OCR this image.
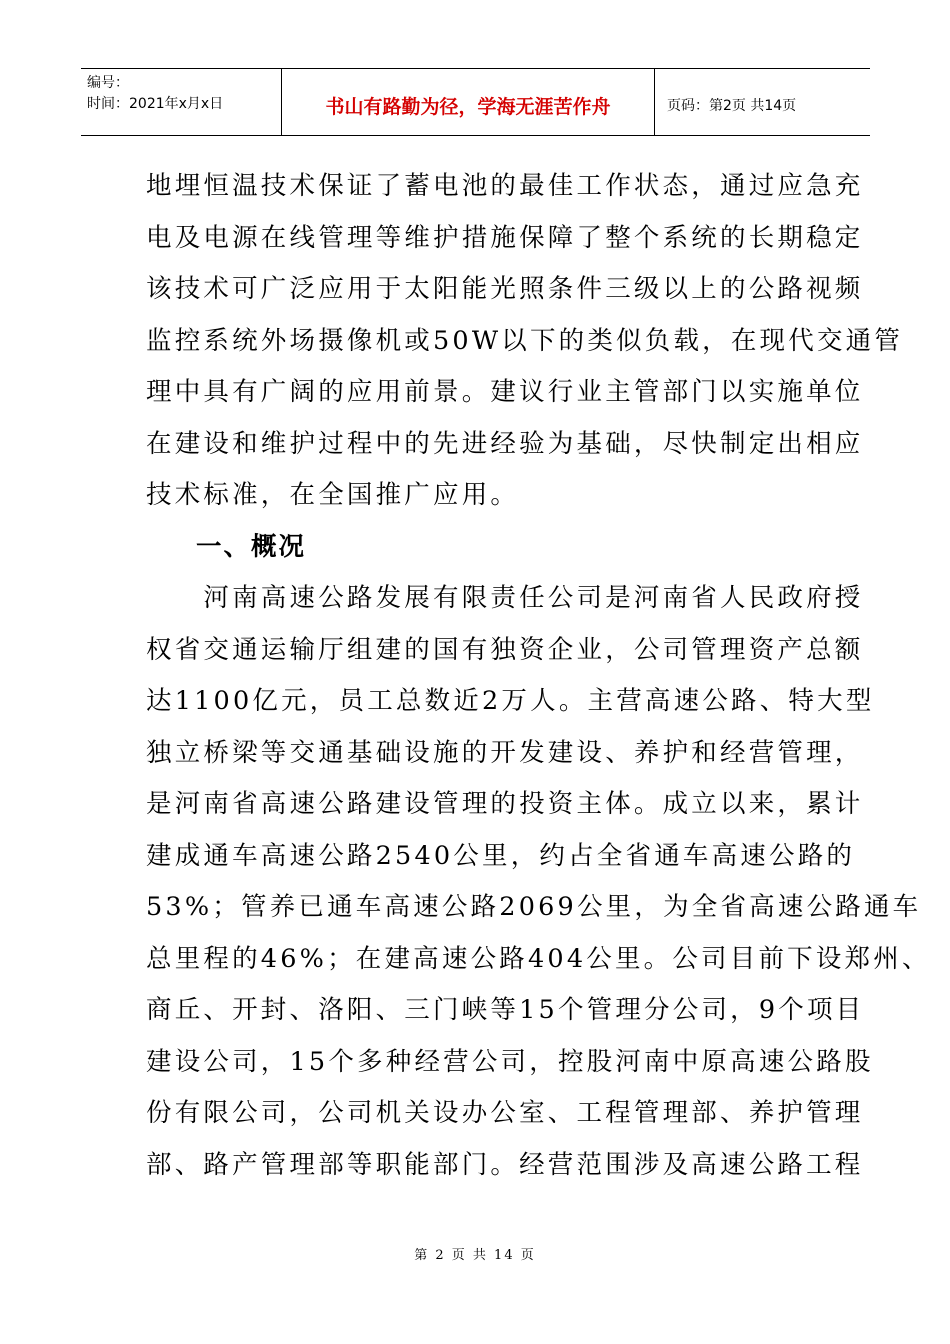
编号：
时间：2021年x月x日	书山有路勤为径，学海无涯苦作舟	页码：第2页 共14页
地埋恒温技术保证了蓄电池的最佳工作状态，通过应急充
电及电源在线管理等维护措施保障了整个系统的长期稳定
该技术可广泛应用于太阳能光照条件三级以上的公路视频
监控系统外场摄像机或50W以下的类似负载，在现代交通管
理中具有广阔的应用前景。建议行业主管部门以实施单位
在建设和维护过程中的先进经验为基础，尽快制定出相应
技术标准，在全国推广应用。
一、概况
　　河南高速公路发展有限责任公司是河南省人民政府授
权省交通运输厅组建的国有独资企业，公司管理资产总额
达1100亿元，员工总数近2万人。主营高速公路、特大型
独立桥梁等交通基础设施的开发建设、养护和经营管理，
是河南省高速公路建设管理的投资主体。成立以来，累计
建成通车高速公路2540公里，约占全省通车高速公路的
53%；管养已通车高速公路2069公里，为全省高速公路通车
总里程的46%；在建高速公路404公里。公司目前下设郑州、
商丘、开封、洛阳、三门峡等15个管理分公司，9个项目
建设公司，15个多种经营公司，控股河南中原高速公路股
份有限公司，公司机关设办公室、工程管理部、养护管理
部、路产管理部等职能部门。经营范围涉及高速公路工程
第 2 页 共 14 页
